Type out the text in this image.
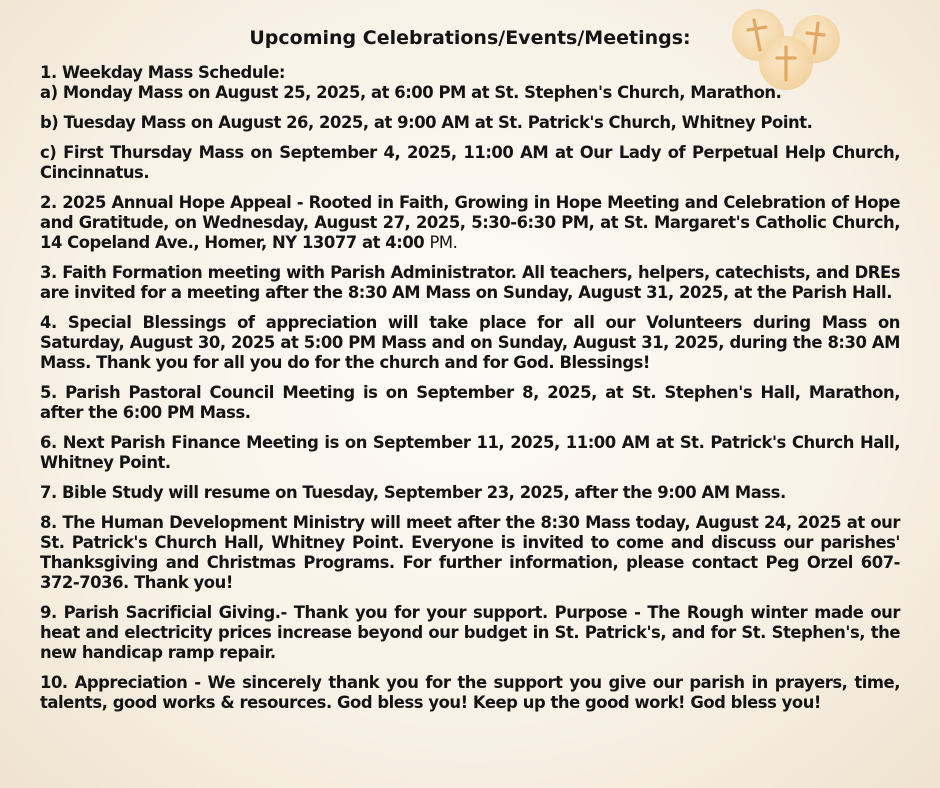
Upcoming Celebrations/Events/Meetings:

1. Weekday Mass Schedule:

a) Monday Mass on August 25, 2025, at 6:00 PM at St. Stephen's Church, Marathon.

b) Tuesday Mass on August 26, 2025, at 9:00 AM at St. Patrick's Church, Whitney Point.

c) First Thursday Mass on September 4, 2025, 11:00 AM at Our Lady of Perpetual Help Church, Cincinnatus.

2. 2025 Annual Hope Appeal - Rooted in Faith, Growing in Hope Meeting and Celebration of Hope and Gratitude, on Wednesday, August 27, 2025, 5:30-6:30 PM, at St. Margaret's Catholic Church, 14 Copeland Ave., Homer, NY 13077 at 4:00 PM.

3. Faith Formation meeting with Parish Administrator. All teachers, helpers, catechists, and DREs are invited for a meeting after the 8:30 AM Mass on Sunday, August 31, 2025, at the Parish Hall.

4. Special Blessings of appreciation will take place for all our Volunteers during Mass on Saturday, August 30, 2025 at 5:00 PM Mass and on Sunday, August 31, 2025, during the 8:30 AM Mass. Thank you for all you do for the church and for God. Blessings!

5. Parish Pastoral Council Meeting is on September 8, 2025, at St. Stephen's Hall, Marathon, after the 6:00 PM Mass.

6. Next Parish Finance Meeting is on September 11, 2025, 11:00 AM at St. Patrick's Church Hall, Whitney Point.

7. Bible Study will resume on Tuesday, September 23, 2025, after the 9:00 AM Mass.

8. The Human Development Ministry will meet after the 8:30 Mass today, August 24, 2025 at our St. Patrick's Church Hall, Whitney Point. Everyone is invited to come and discuss our parishes' Thanksgiving and Christmas Programs. For further information, please contact Peg Orzel 607-372-7036. Thank you!

9. Parish Sacrificial Giving.- Thank you for your support. Purpose - The Rough winter made our heat and electricity prices increase beyond our budget in St. Patrick's, and for St. Stephen's, the new handicap ramp repair.

10. Appreciation - We sincerely thank you for the support you give our parish in prayers, time, talents, good works & resources. God bless you! Keep up the good work! God bless you!
